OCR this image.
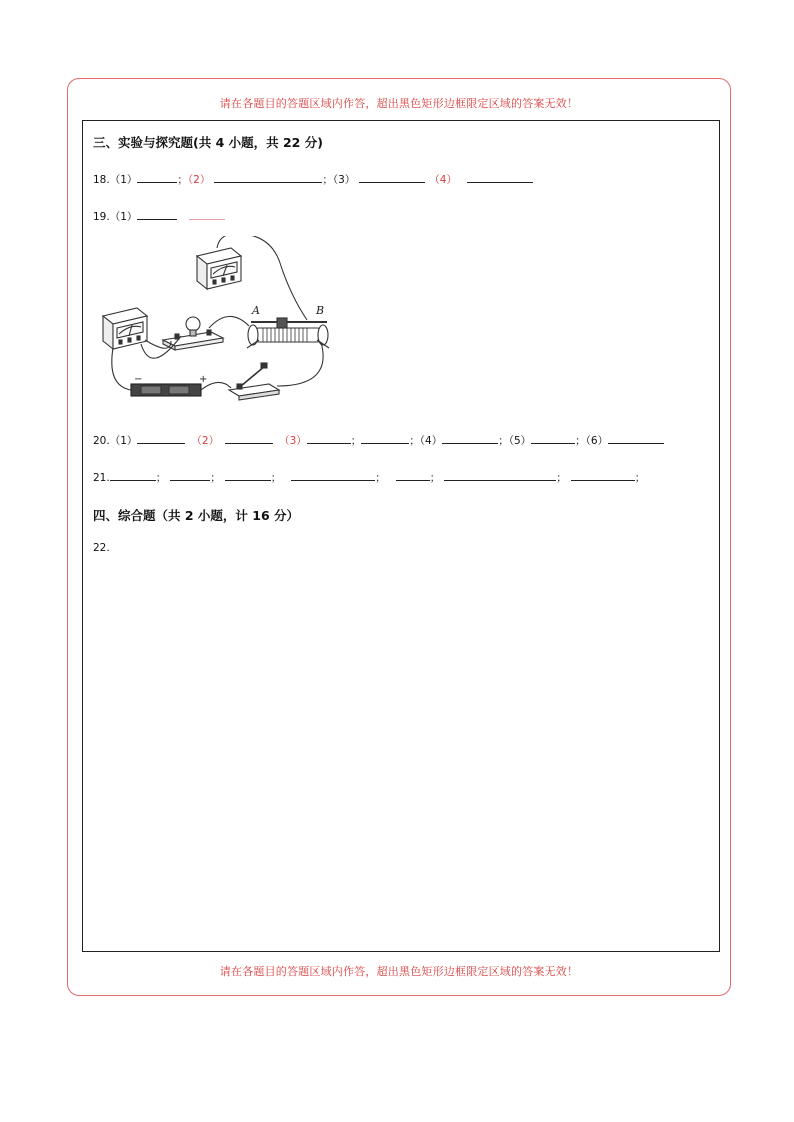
请在各题目的答题区域内作答，超出黑色矩形边框限定区域的答案无效！
三、实验与探究题(共 4 小题，共 22 分)
18.（1）	；（2）	；（3）	（4）
19.（1）
A	B
−	+
20.（1）	（2）	（3）	；	；（4）	；（5）	；（6）
21.	；	；	；	；	；	；	；
四、综合题（共 2 小题，计 16 分）
22.
请在各题目的答题区域内作答，超出黑色矩形边框限定区域的答案无效！
